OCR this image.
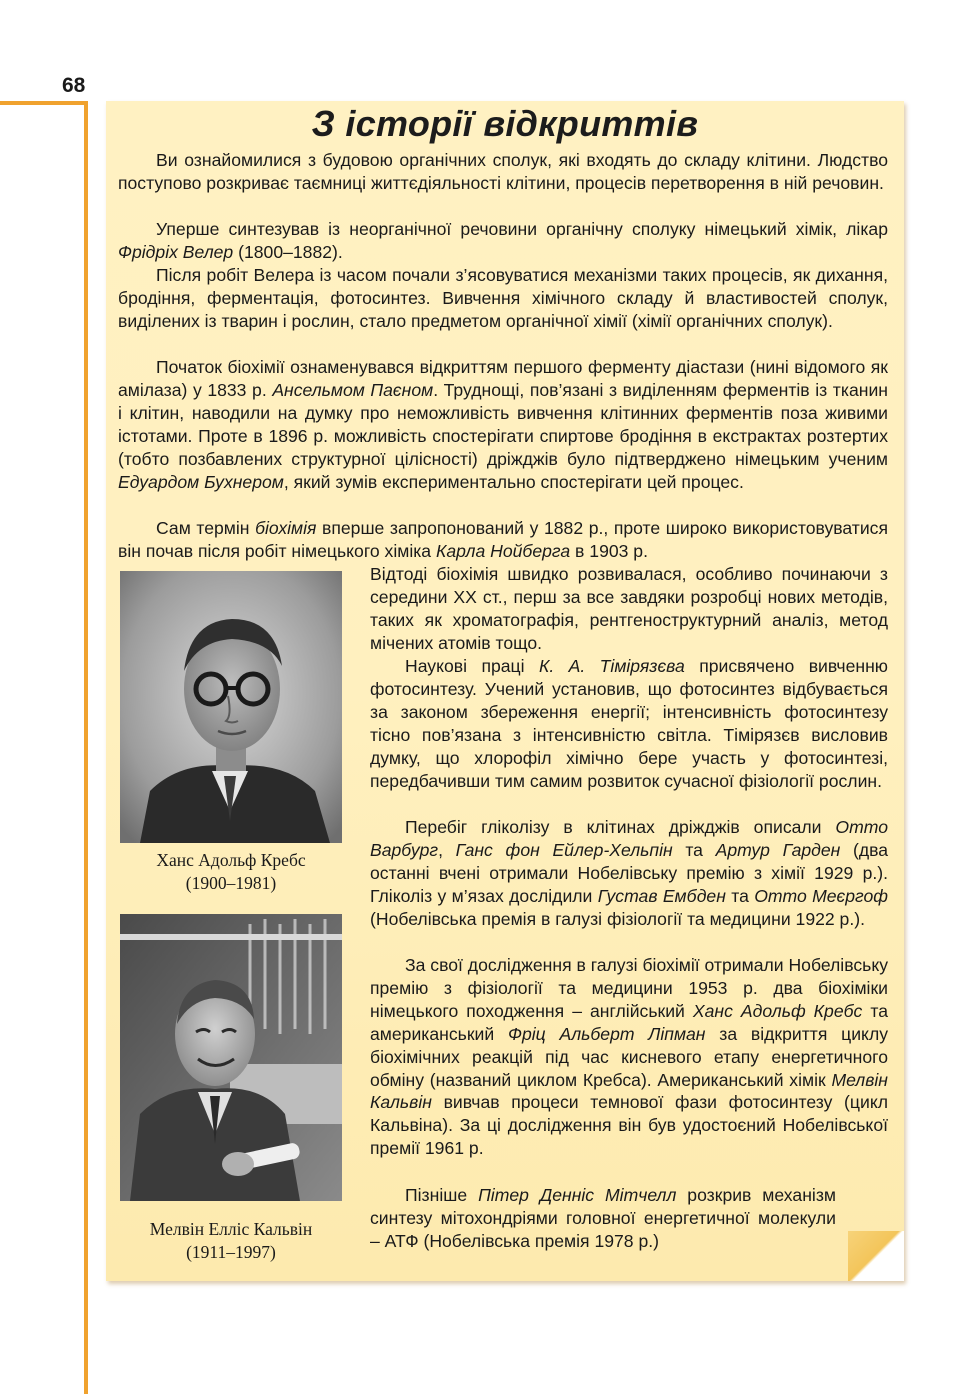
68
З історії відкриттів

Ви ознайомилися з будовою органічних сполук, які входять до складу клітини. Людство поступово розкриває таємниці життєдіяльності клітини, процесів перетворення в ній речовин.

Уперше синтезував із неорганічної речовини органічну сполуку німецький хімік, лікар Фрідріх Велер (1800–1882).

Після робіт Велера із часом почали з’ясовуватися механізми таких процесів, як дихання, бродіння, ферментація, фотосинтез. Вивчення хімічного складу й властивостей сполук, виділених із тварин і рослин, стало предметом органічної хімії (хімії органічних сполук).

Початок біохімії ознаменувався відкриттям першого ферменту діастази (нині відомого як амілаза) у 1833 р. Ансельмом Паєном. Труднощі, пов’язані з виділенням ферментів із тканин і клітин, наводили на думку про неможливість вивчення клітинних ферментів поза живими істотами. Проте в 1896 р. можливість спостерігати спиртове бродіння в екстрактах розтертих (тобто позбавлених структурної цілісності) дріжджів було підтверджено німецьким ученим Едуардом Бухнером, який зумів експериментально спостерігати цей процес.

Сам термін біохімія вперше запропонований у 1882 р., проте широко використовуватися він почав після робіт німецького хіміка Карла Нойберга в 1903 р.

Ханс Адольф Кребс
(1900–1981)

Мелвін Елліс Кальвін
(1911–1997)

Відтоді біохімія швидко розвивалася, особливо починаючи з середини XX ст., перш за все завдяки розробці нових методів, таких як хроматографія, рентгеноструктурний аналіз, метод мічених атомів тощо.

Наукові праці К. А. Тімірязєва присвячено вивченню фотосинтезу. Учений установив, що фотосинтез відбувається за законом збереження енергії; інтенсивність фотосинтезу тісно пов’язана з інтенсивністю світла. Тімірязєв висловив думку, що хлорофіл хімічно бере участь у фотосинтезі, передбачивши тим самим розвиток сучасної фізіології рослин.

Перебіг гліколізу в клітинах дріжджів описали Отто Варбург, Ганс фон Ейлер-Хельпін та Артур Гарден (два останні вчені отримали Нобелівську премію з хімії 1929 р.). Гліколіз у м’язах дослідили Густав Ембден та Отто Меєргоф (Нобелівська премія в галузі фізіології та медицини 1922 р.).

За свої дослідження в галузі біохімії отримали Нобелівську премію з фізіології та медицини 1953 р. два біохіміки німецького походження – англійський Ханс Адольф Кребс та американський Фріц Альберт Ліпман за відкриття циклу біохімічних реакцій під час кисневого етапу енергетичного обміну (названий циклом Кребса). Американський хімік Мелвін Кальвін вивчав процеси темнової фази фотосинтезу (цикл Кальвіна). За ці дослідження він був удостоєний Нобелівської премії 1961 р.

Пізніше Пітер Денніс Мітчелл розкрив механізм синтезу мітохондріями головної енергетичної молекули – АТФ (Нобелівська премія 1978 р.)
